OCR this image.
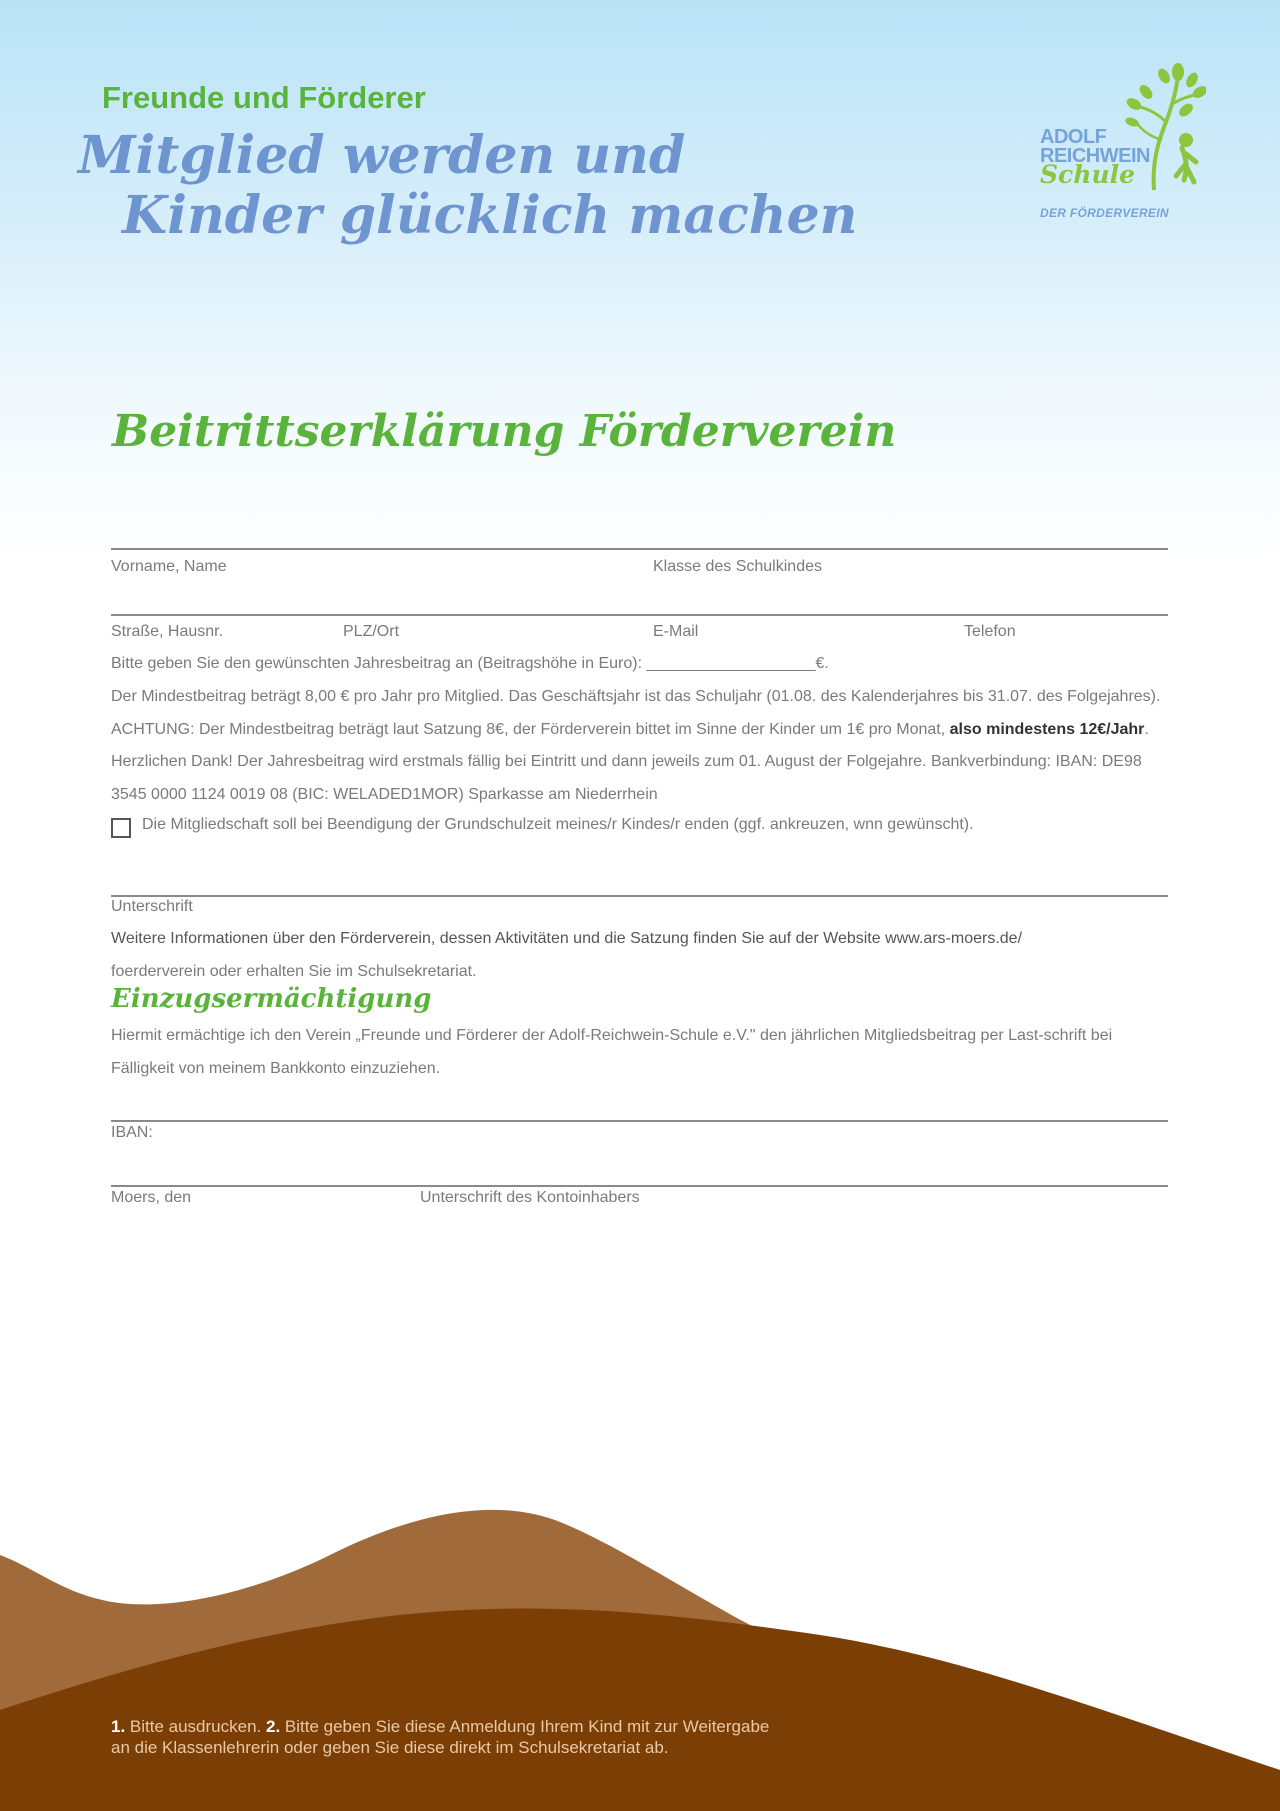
Freunde und Förderer
Mitglied werden und
Kinder glücklich machen
ADOLF
REICHWEIN
Schule
DER FÖRDERVEREIN
Beitrittserklärung Förderverein
Vorname, Name	Klasse des Schulkindes
Straße, Hausnr.	PLZ/Ort	E-Mail	Telefon
Bitte geben Sie den gewünschten Jahresbeitrag an (Beitragshöhe in Euro): ___________________€.
Der Mindestbeitrag beträgt 8,00 € pro Jahr pro Mitglied. Das Geschäftsjahr ist das Schuljahr (01.08. des Kalenderjahres bis 31.07. des Folgejahres). ACHTUNG: Der Mindestbeitrag beträgt laut Satzung 8€, der Förderverein bittet im Sinne der Kinder um 1€ pro Monat, also mindestens 12€/Jahr. Herzlichen Dank! Der Jahresbeitrag wird erstmals fällig bei Eintritt und dann jeweils zum 01. August der Folgejahre. Bankverbindung: IBAN: DE98 3545 0000 1124 0019 08 (BIC: WELADED1MOR) Sparkasse am Niederrhein
Die Mitgliedschaft soll bei Beendigung der Grundschulzeit meines/r Kindes/r enden (ggf. ankreuzen, wnn gewünscht).
Unterschrift
Weitere Informationen über den Förderverein, dessen Aktivitäten und die Satzung finden Sie auf der Website www.ars-moers.de/
foerderverein oder erhalten Sie im Schulsekretariat.
Einzugsermächtigung
Hiermit ermächtige ich den Verein „Freunde und Förderer der Adolf-Reichwein-Schule e.V." den jährlichen Mitgliedsbeitrag per Last-schrift bei Fälligkeit von meinem Bankkonto einzuziehen.
IBAN:
Moers, den	Unterschrift des Kontoinhabers
1. Bitte ausdrucken. 2. Bitte geben Sie diese Anmeldung Ihrem Kind mit zur Weitergabe
an die Klassenlehrerin oder geben Sie diese direkt im Schulsekretariat ab.
